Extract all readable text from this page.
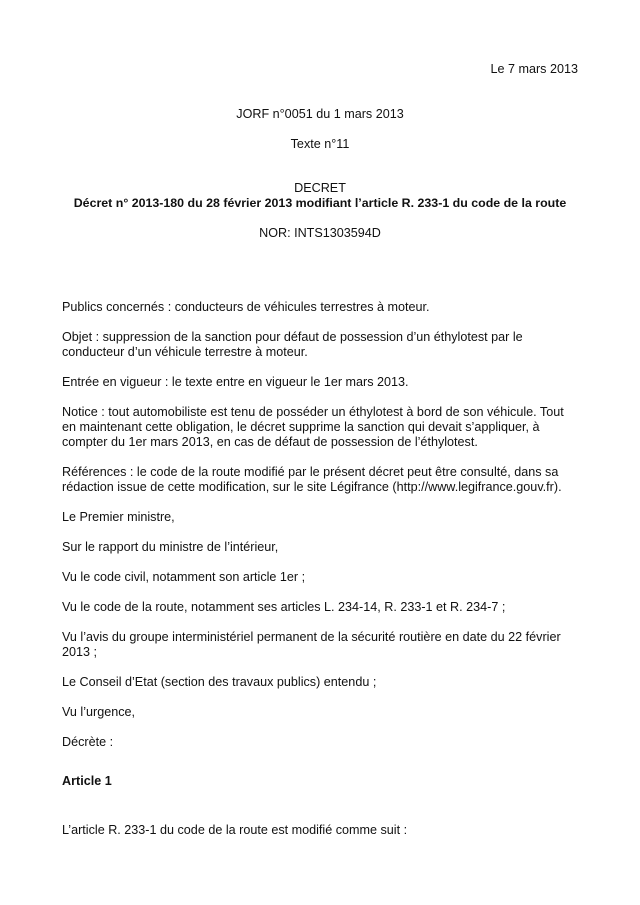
Le 7 mars 2013
JORF n°0051 du 1 mars 2013
Texte n°11
DECRET
Décret n° 2013-180 du 28 février 2013 modifiant l’article R. 233-1 du code de la route
NOR: INTS1303594D
Publics concernés : conducteurs de véhicules terrestres à moteur.
Objet : suppression de la sanction pour défaut de possession d’un éthylotest par le
conducteur d’un véhicule terrestre à moteur.
Entrée en vigueur : le texte entre en vigueur le 1er mars 2013.
Notice : tout automobiliste est tenu de posséder un éthylotest à bord de son véhicule. Tout
en maintenant cette obligation, le décret supprime la sanction qui devait s’appliquer, à
compter du 1er mars 2013, en cas de défaut de possession de l’éthylotest.
Références : le code de la route modifié par le présent décret peut être consulté, dans sa
rédaction issue de cette modification, sur le site Légifrance (http://www.legifrance.gouv.fr).
Le Premier ministre,
Sur le rapport du ministre de l’intérieur,
Vu le code civil, notamment son article 1er ;
Vu le code de la route, notamment ses articles L. 234-14, R. 233-1 et R. 234-7 ;
Vu l’avis du groupe interministériel permanent de la sécurité routière en date du 22 février
2013 ;
Le Conseil d’Etat (section des travaux publics) entendu ;
Vu l’urgence,
Décrète :
Article 1
L’article R. 233-1 du code de la route est modifié comme suit :
